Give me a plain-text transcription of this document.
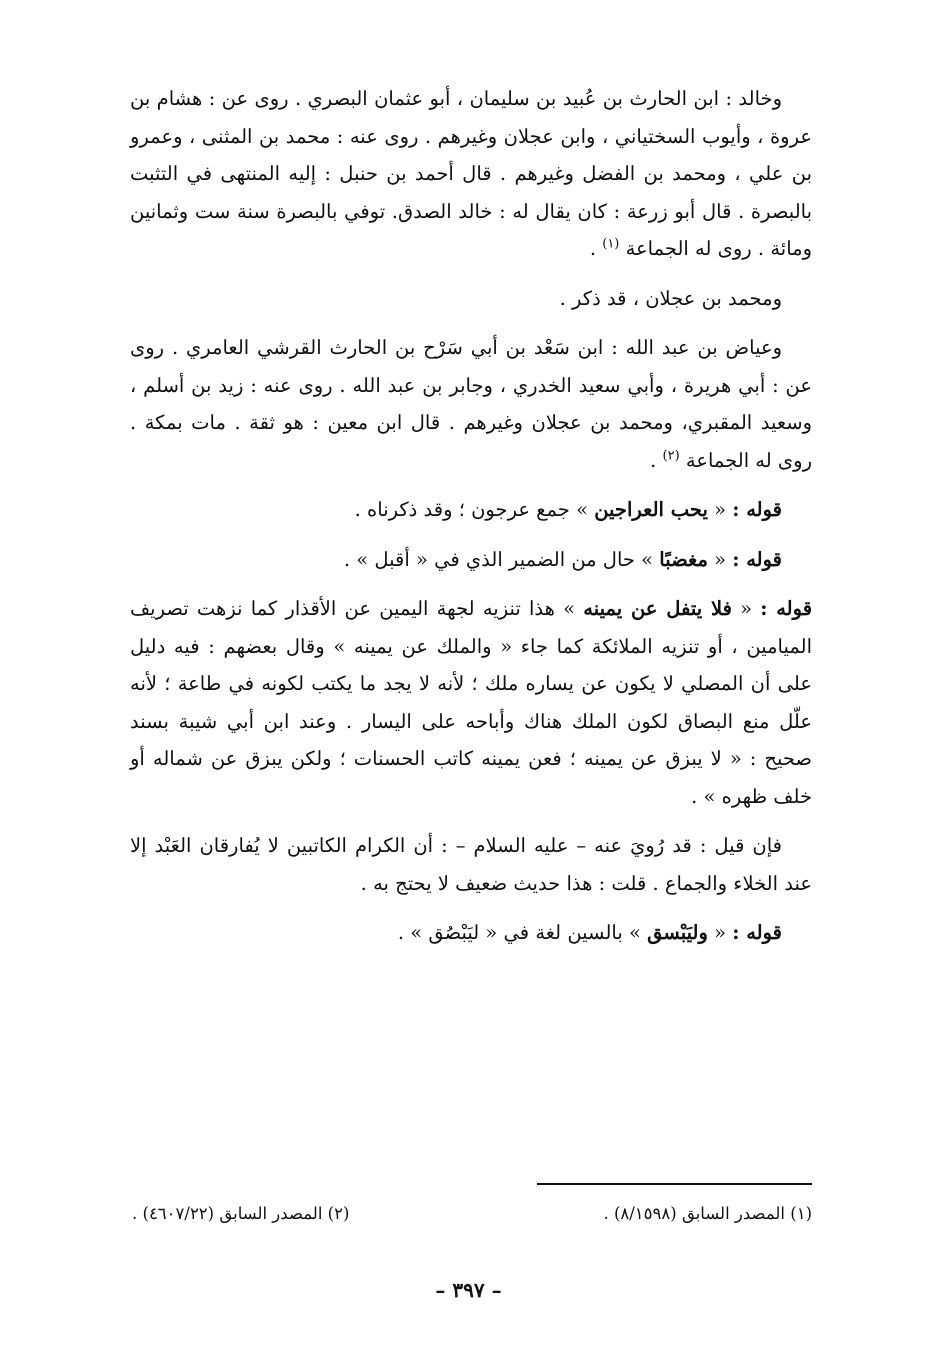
وخالد : ابن الحارث بن عُبيد بن سليمان ، أبو عثمان البصري . روى عن : هشام بن عروة ، وأيوب السختياني ، وابن عجلان وغيرهم . روى عنه : محمد بن المثنى ، وعمرو بن علي ، ومحمد بن الفضل وغيرهم . قال أحمد بن حنبل : إليه المنتهى في التثبت بالبصرة . قال أبو زرعة : كان يقال له : خالد الصدق. توفي بالبصرة سنة ست وثمانين ومائة . روى له الجماعة $^{(١)}$ .

ومحمد بن عجلان ، قد ذكر .

وعياض بن عبد الله : ابن سَعْد بن أبي سَرْح بن الحارث القرشي العامري . روى عن : أبي هريرة ، وأبي سعيد الخدري ، وجابر بن عبد الله . روى عنه : زيد بن أسلم ، وسعيد المقبري، ومحمد بن عجلان وغيرهم . قال ابن معين : هو ثقة . مات بمكة . روى له الجماعة $^{(٢)}$ .

قوله : « يحب العراجين » جمع عرجون ؛ وقد ذكرناه .

قوله : « مغضبًا » حال من الضمير الذي في « أقبل » .

قوله : « فلا يتفل عن يمينه » هذا تنزيه لجهة اليمين عن الأقذار كما نزهت تصريف الميامين ، أو تنزيه الملائكة كما جاء « والملك عن يمينه » وقال بعضهم : فيه دليل على أن المصلي لا يكون عن يساره ملك ؛ لأنه لا يجد ما يكتب لكونه في طاعة ؛ لأنه علّل منع البصاق لكون الملك هناك وأباحه على اليسار . وعند ابن أبي شيبة بسند صحيح : « لا يبزق عن يمينه ؛ فعن يمينه كاتب الحسنات ؛ ولكن يبزق عن شماله أو خلف ظهره » .

فإن قيل : قد رُويَ عنه – عليه السلام – : أن الكرام الكاتبين لا يُفارقان العَبْد إلا عند الخلاء والجماع . قلت : هذا حديث ضعيف لا يحتج به .

قوله : « وليَبْسق » بالسين لغة في « ليَبْصُق » .

(١) المصدر السابق (٨/١٥٩٨) .
(٢) المصدر السابق (٤٦٠٧/٢٢) .
– ٣٩٧ –
